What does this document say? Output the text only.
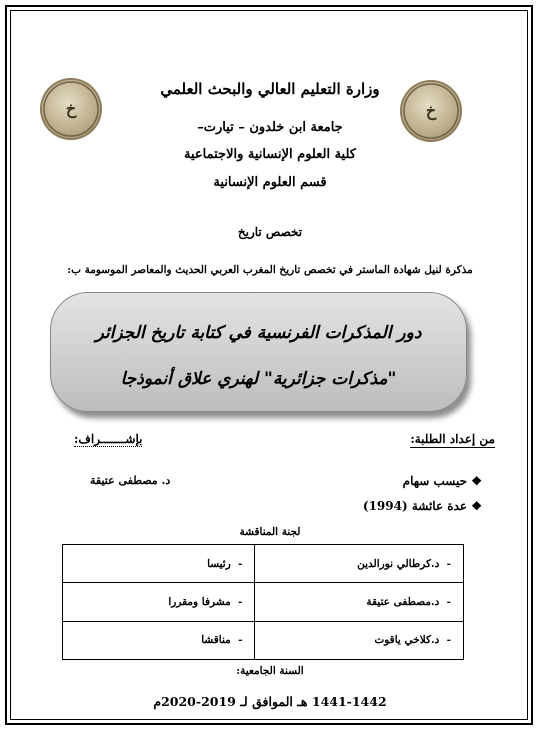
خ	خ
وزارة التعليم العالي والبحث العلمي
جامعة ابن خلدون – تيارت–
كلية العلوم الإنسانية والاجتماعية
قسم العلوم الإنسانية
تخصص تاريخ
مذكرة لنيل شهادة الماستر في تخصص تاريخ المغرب العربي الحديث والمعاصر الموسومة ب:
دور المذكرات الفرنسية في كتابة تاريخ الجزائر
"مذكرات جزائرية" لهنري علاق أنموذجا
من إعداد الطلبة:
بإشـــــــراف:
❖ حيسب سهام
❖ عدة عائشة (1994)
د. مصطفى عتيقة
لجنة المناقشة
-  د.كرطالي نورالدين	-  رئيسا
-  د.مصطفى عتيقة	-  مشرفا ومقررا
-  د.كلاخي ياقوت	-  مناقشا
السنة الجامعية:
1441-1442 هـ الموافق لـ 2019-2020م
